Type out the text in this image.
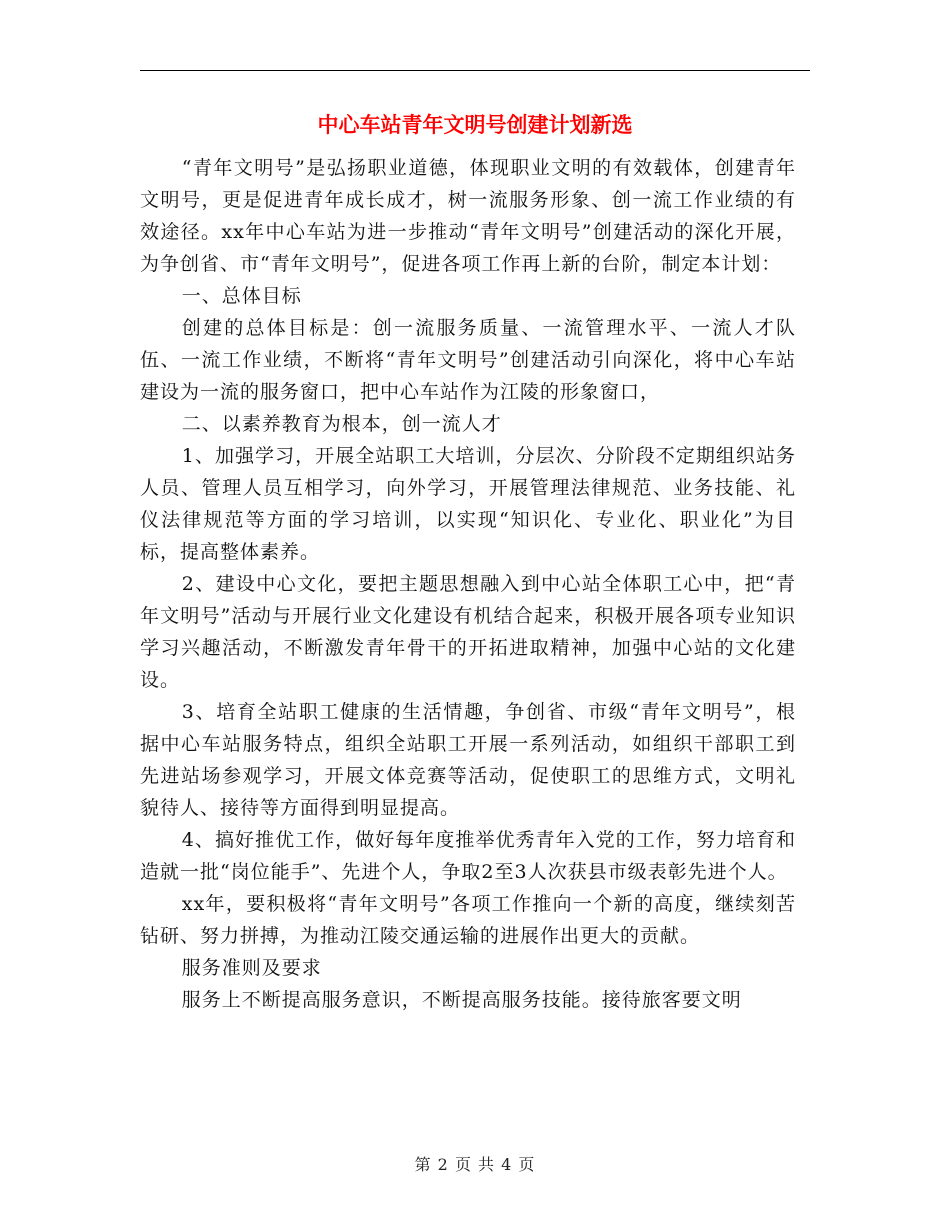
中心车站青年文明号创建计划新选

“青年文明号”是弘扬职业道德，体现职业文明的有效载体，创建青年文明号，更是促进青年成长成才，树一流服务形象、创一流工作业绩的有效途径。xx年中心车站为进一步推动“青年文明号”创建活动的深化开展，为争创省、市“青年文明号”，促进各项工作再上新的台阶，制定本计划：

一、总体目标

创建的总体目标是：创一流服务质量、一流管理水平、一流人才队伍、一流工作业绩，不断将“青年文明号”创建活动引向深化，将中心车站建设为一流的服务窗口，把中心车站作为江陵的形象窗口，

二、以素养教育为根本，创一流人才

1、加强学习，开展全站职工大培训，分层次、分阶段不定期组织站务人员、管理人员互相学习，向外学习，开展管理法律规范、业务技能、礼仪法律规范等方面的学习培训，以实现“知识化、专业化、职业化”为目标，提高整体素养。

2、建设中心文化，要把主题思想融入到中心站全体职工心中，把“青年文明号”活动与开展行业文化建设有机结合起来，积极开展各项专业知识学习兴趣活动，不断激发青年骨干的开拓进取精神，加强中心站的文化建设。

3、培育全站职工健康的生活情趣，争创省、市级“青年文明号”，根据中心车站服务特点，组织全站职工开展一系列活动，如组织干部职工到先进站场参观学习，开展文体竞赛等活动，促使职工的思维方式，文明礼貌待人、接待等方面得到明显提高。

4、搞好推优工作，做好每年度推举优秀青年入党的工作，努力培育和造就一批“岗位能手”、先进个人，争取2至3人次获县市级表彰先进个人。

xx年，要积极将“青年文明号”各项工作推向一个新的高度，继续刻苦钻研、努力拼搏，为推动江陵交通运输的进展作出更大的贡献。

服务准则及要求

服务上不断提高服务意识，不断提高服务技能。接待旅客要文明

第 2 页 共 4 页
